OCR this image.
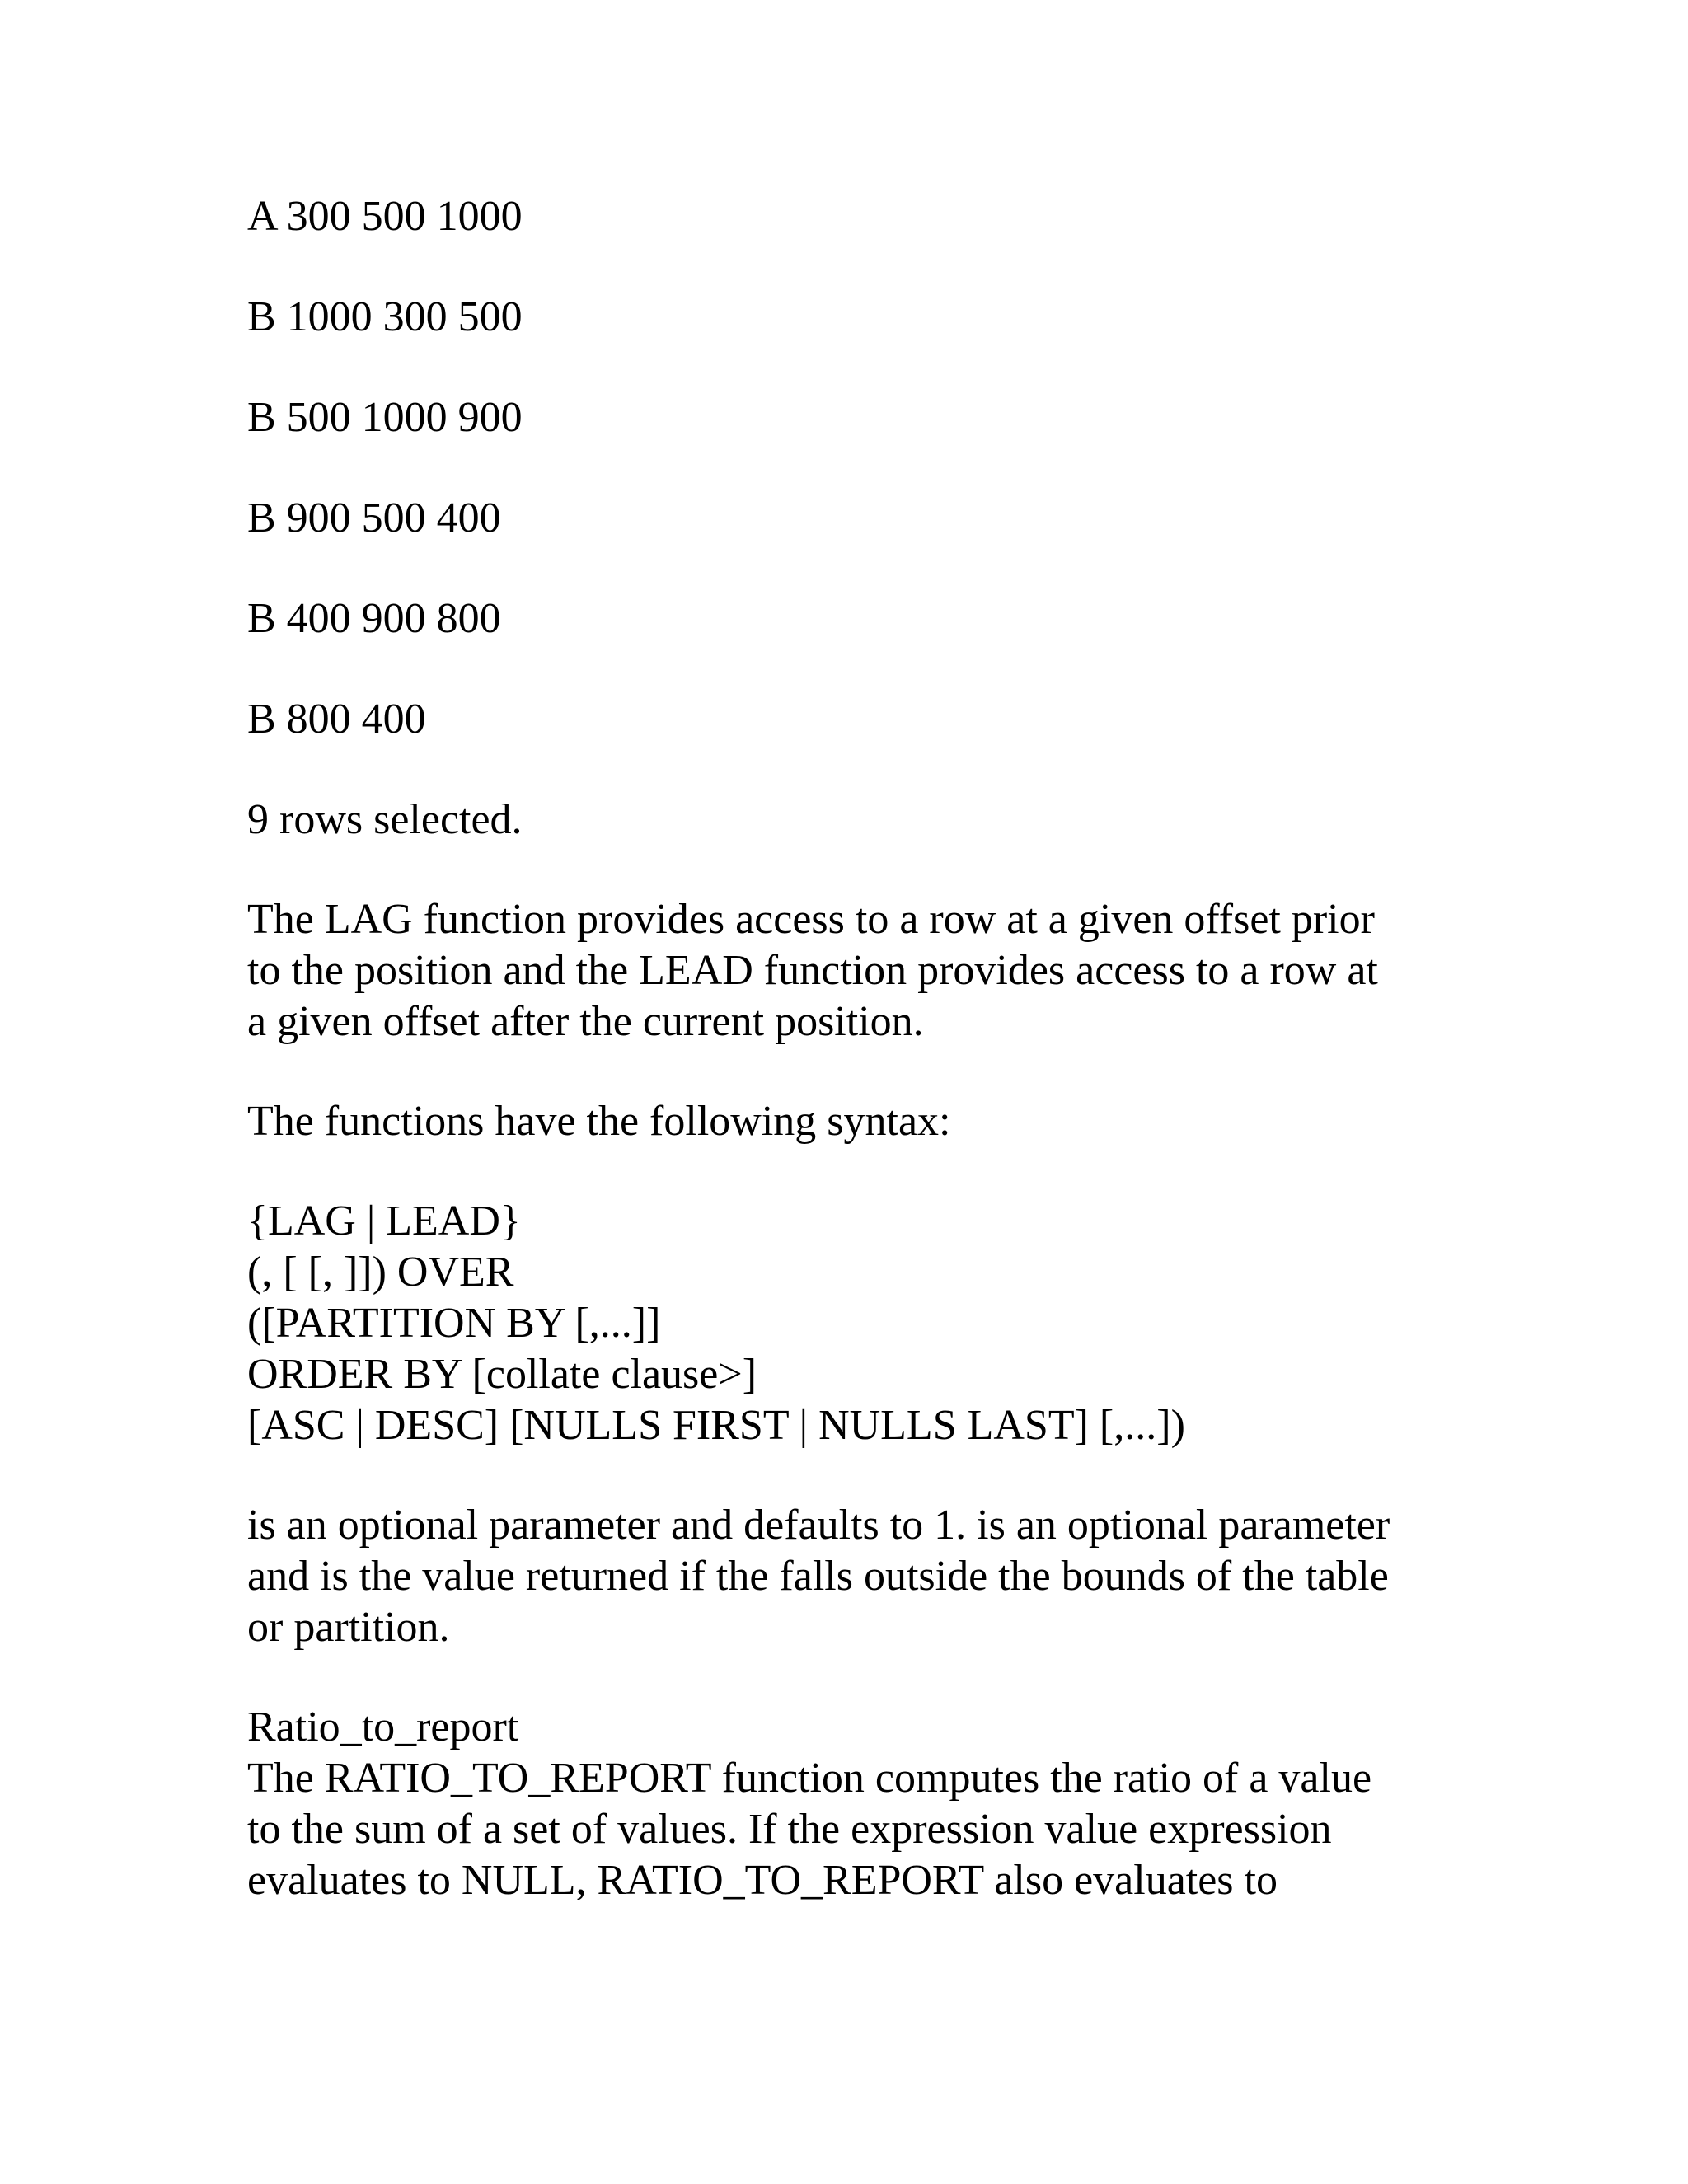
A 300 500 1000

B 1000 300 500

B 500 1000 900

B 900 500 400

B 400 900 800

B 800 400

9 rows selected.

The LAG function provides access to a row at a given offset prior
to the position and the LEAD function provides access to a row at
a given offset after the current position.

The functions have the following syntax:

{LAG | LEAD}
(, [ [, ]]) OVER
([PARTITION BY [,...]]
ORDER BY [collate clause>]
[ASC | DESC] [NULLS FIRST | NULLS LAST] [,...])
is an optional parameter and defaults to 1. is an optional parameter
and is the value returned if the falls outside the bounds of the table
or partition.
Ratio_to_report
The RATIO_TO_REPORT function computes the ratio of a value
to the sum of a set of values. If the expression value expression
evaluates to NULL, RATIO_TO_REPORT also evaluates to
